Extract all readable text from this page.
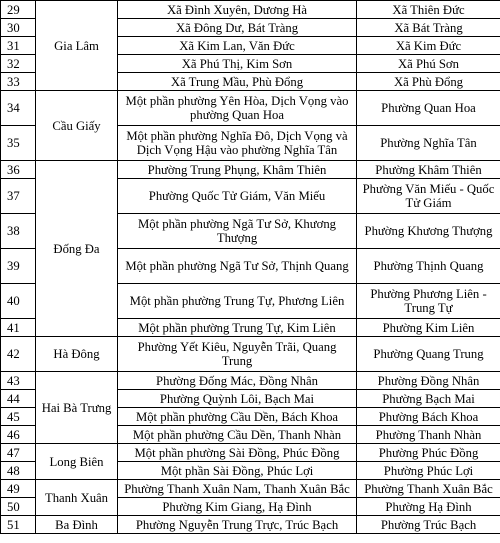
29	Gia Lâm	Xã Đình Xuyên, Dương Hà	Xã Thiên Đức
30		Xã Đông Dư, Bát Tràng	Xã Bát Tràng
31		Xã Kim Lan, Văn Đức	Xã Kim Đức
32		Xã Phú Thị, Kim Sơn	Xã Phú Sơn
33		Xã Trung Mầu, Phù Đổng	Xã Phù Đổng
34	Cầu Giấy	Một phần phường Yên Hòa, Dịch Vọng vào phường Quan Hoa	Phường Quan Hoa
35		Một phần phường Nghĩa Đô, Dịch Vọng và Dịch Vọng Hậu vào phường Nghĩa Tân	Phường Nghĩa Tân
36	Đống Đa	Phường Trung Phụng, Khâm Thiên	Phường Khâm Thiên
37		Phường Quốc Tử Giám, Văn Miếu	Phường Văn Miếu - Quốc Tử Giám
38		Một phần phường Ngã Tư Sở, Khương Thượng	Phường Khương Thượng
39		Một phần phường Ngã Tư Sở, Thịnh Quang	Phường Thịnh Quang
40		Một phần phường Trung Tự, Phương Liên	Phường Phương Liên - Trung Tự
41		Một phần phường Trung Tự, Kim Liên	Phường Kim Liên
42	Hà Đông	Phường Yết Kiêu, Nguyễn Trãi, Quang Trung	Phường Quang Trung
43	Hai Bà Trưng	Phường Đống Mác, Đồng Nhân	Phường Đồng Nhân
44		Phường Quỳnh Lôi, Bạch Mai	Phường Bạch Mai
45		Một phần phường Cầu Dền, Bách Khoa	Phường Bách Khoa
46		Một phần phường Cầu Dền, Thanh Nhàn	Phường Thanh Nhàn
47	Long Biên	Một phần phường Sài Đồng, Phúc Đồng	Phường Phúc Đồng
48		Một phần Sài Đồng, Phúc Lợi	Phường Phúc Lợi
49	Thanh Xuân	Phường Thanh Xuân Nam, Thanh Xuân Bắc	Phường Thanh Xuân Bắc
50		Phường Kim Giang, Hạ Đình	Phường Hạ Đình
51	Ba Đình	Phường Nguyễn Trung Trực, Trúc Bạch	Phường Trúc Bạch
